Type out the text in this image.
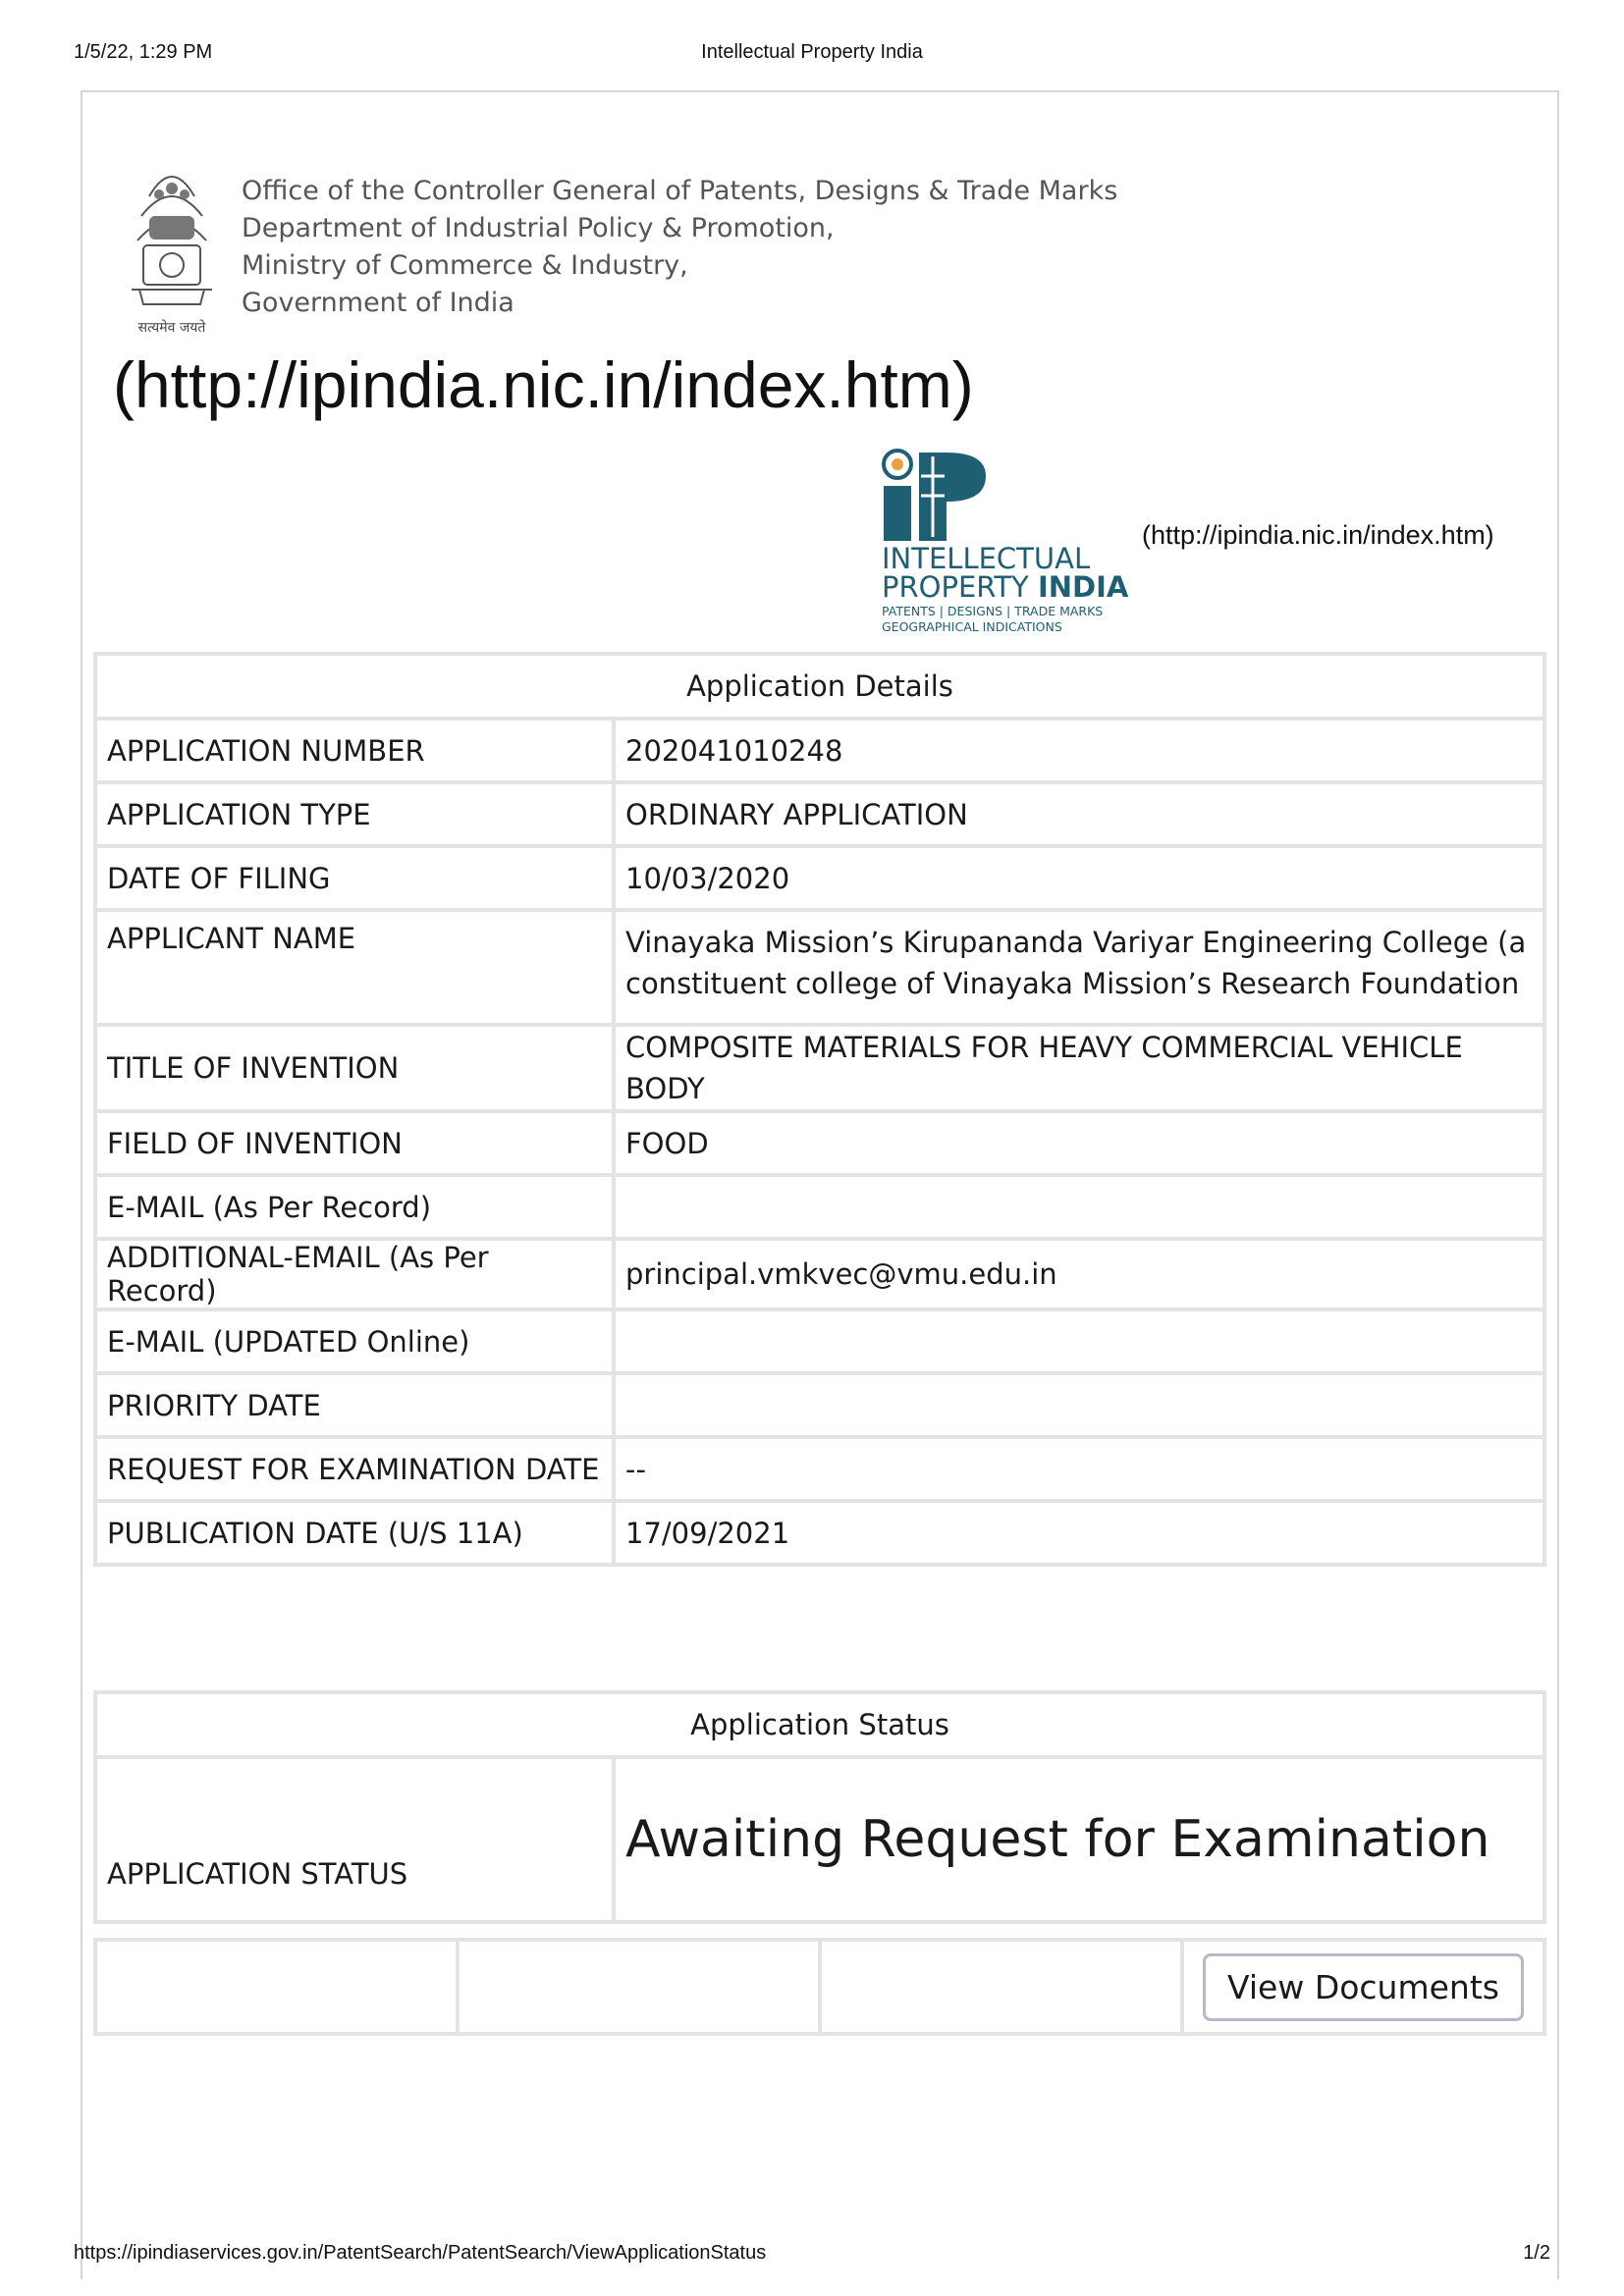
1/5/22, 1:29 PM	Intellectual Property India
सत्यमेव जयते
Office of the Controller General of Patents, Designs & Trade Marks
Department of Industrial Policy & Promotion,
Ministry of Commerce & Industry,
Government of India
(http://ipindia.nic.in/index.htm)
INTELLECTUAL
PROPERTY INDIA
PATENTS | DESIGNS | TRADE MARKS
GEOGRAPHICAL INDICATIONS
(http://ipindia.nic.in/index.htm)
Application Details	
APPLICATION NUMBER	202041010248
APPLICATION TYPE	ORDINARY APPLICATION
DATE OF FILING	10/03/2020
APPLICANT NAME	Vinayaka Mission’s Kirupananda Variyar Engineering College (a
constituent college of Vinayaka Mission’s Research Foundation

TITLE OF INVENTION	COMPOSITE MATERIALS FOR HEAVY COMMERCIAL VEHICLE BODY
FIELD OF INVENTION	FOOD
E-MAIL (As Per Record)	
ADDITIONAL-EMAIL (As Per Record)	principal.vmkvec@vmu.edu.in
E-MAIL (UPDATED Online)	
PRIORITY DATE	
REQUEST FOR EXAMINATION DATE	--
PUBLICATION DATE (U/S 11A)	17/09/2021
Application Status
APPLICATION STATUS	Awaiting Request for Examination
			View Documents
https://ipindiaservices.gov.in/PatentSearch/PatentSearch/ViewApplicationStatus	1/2
